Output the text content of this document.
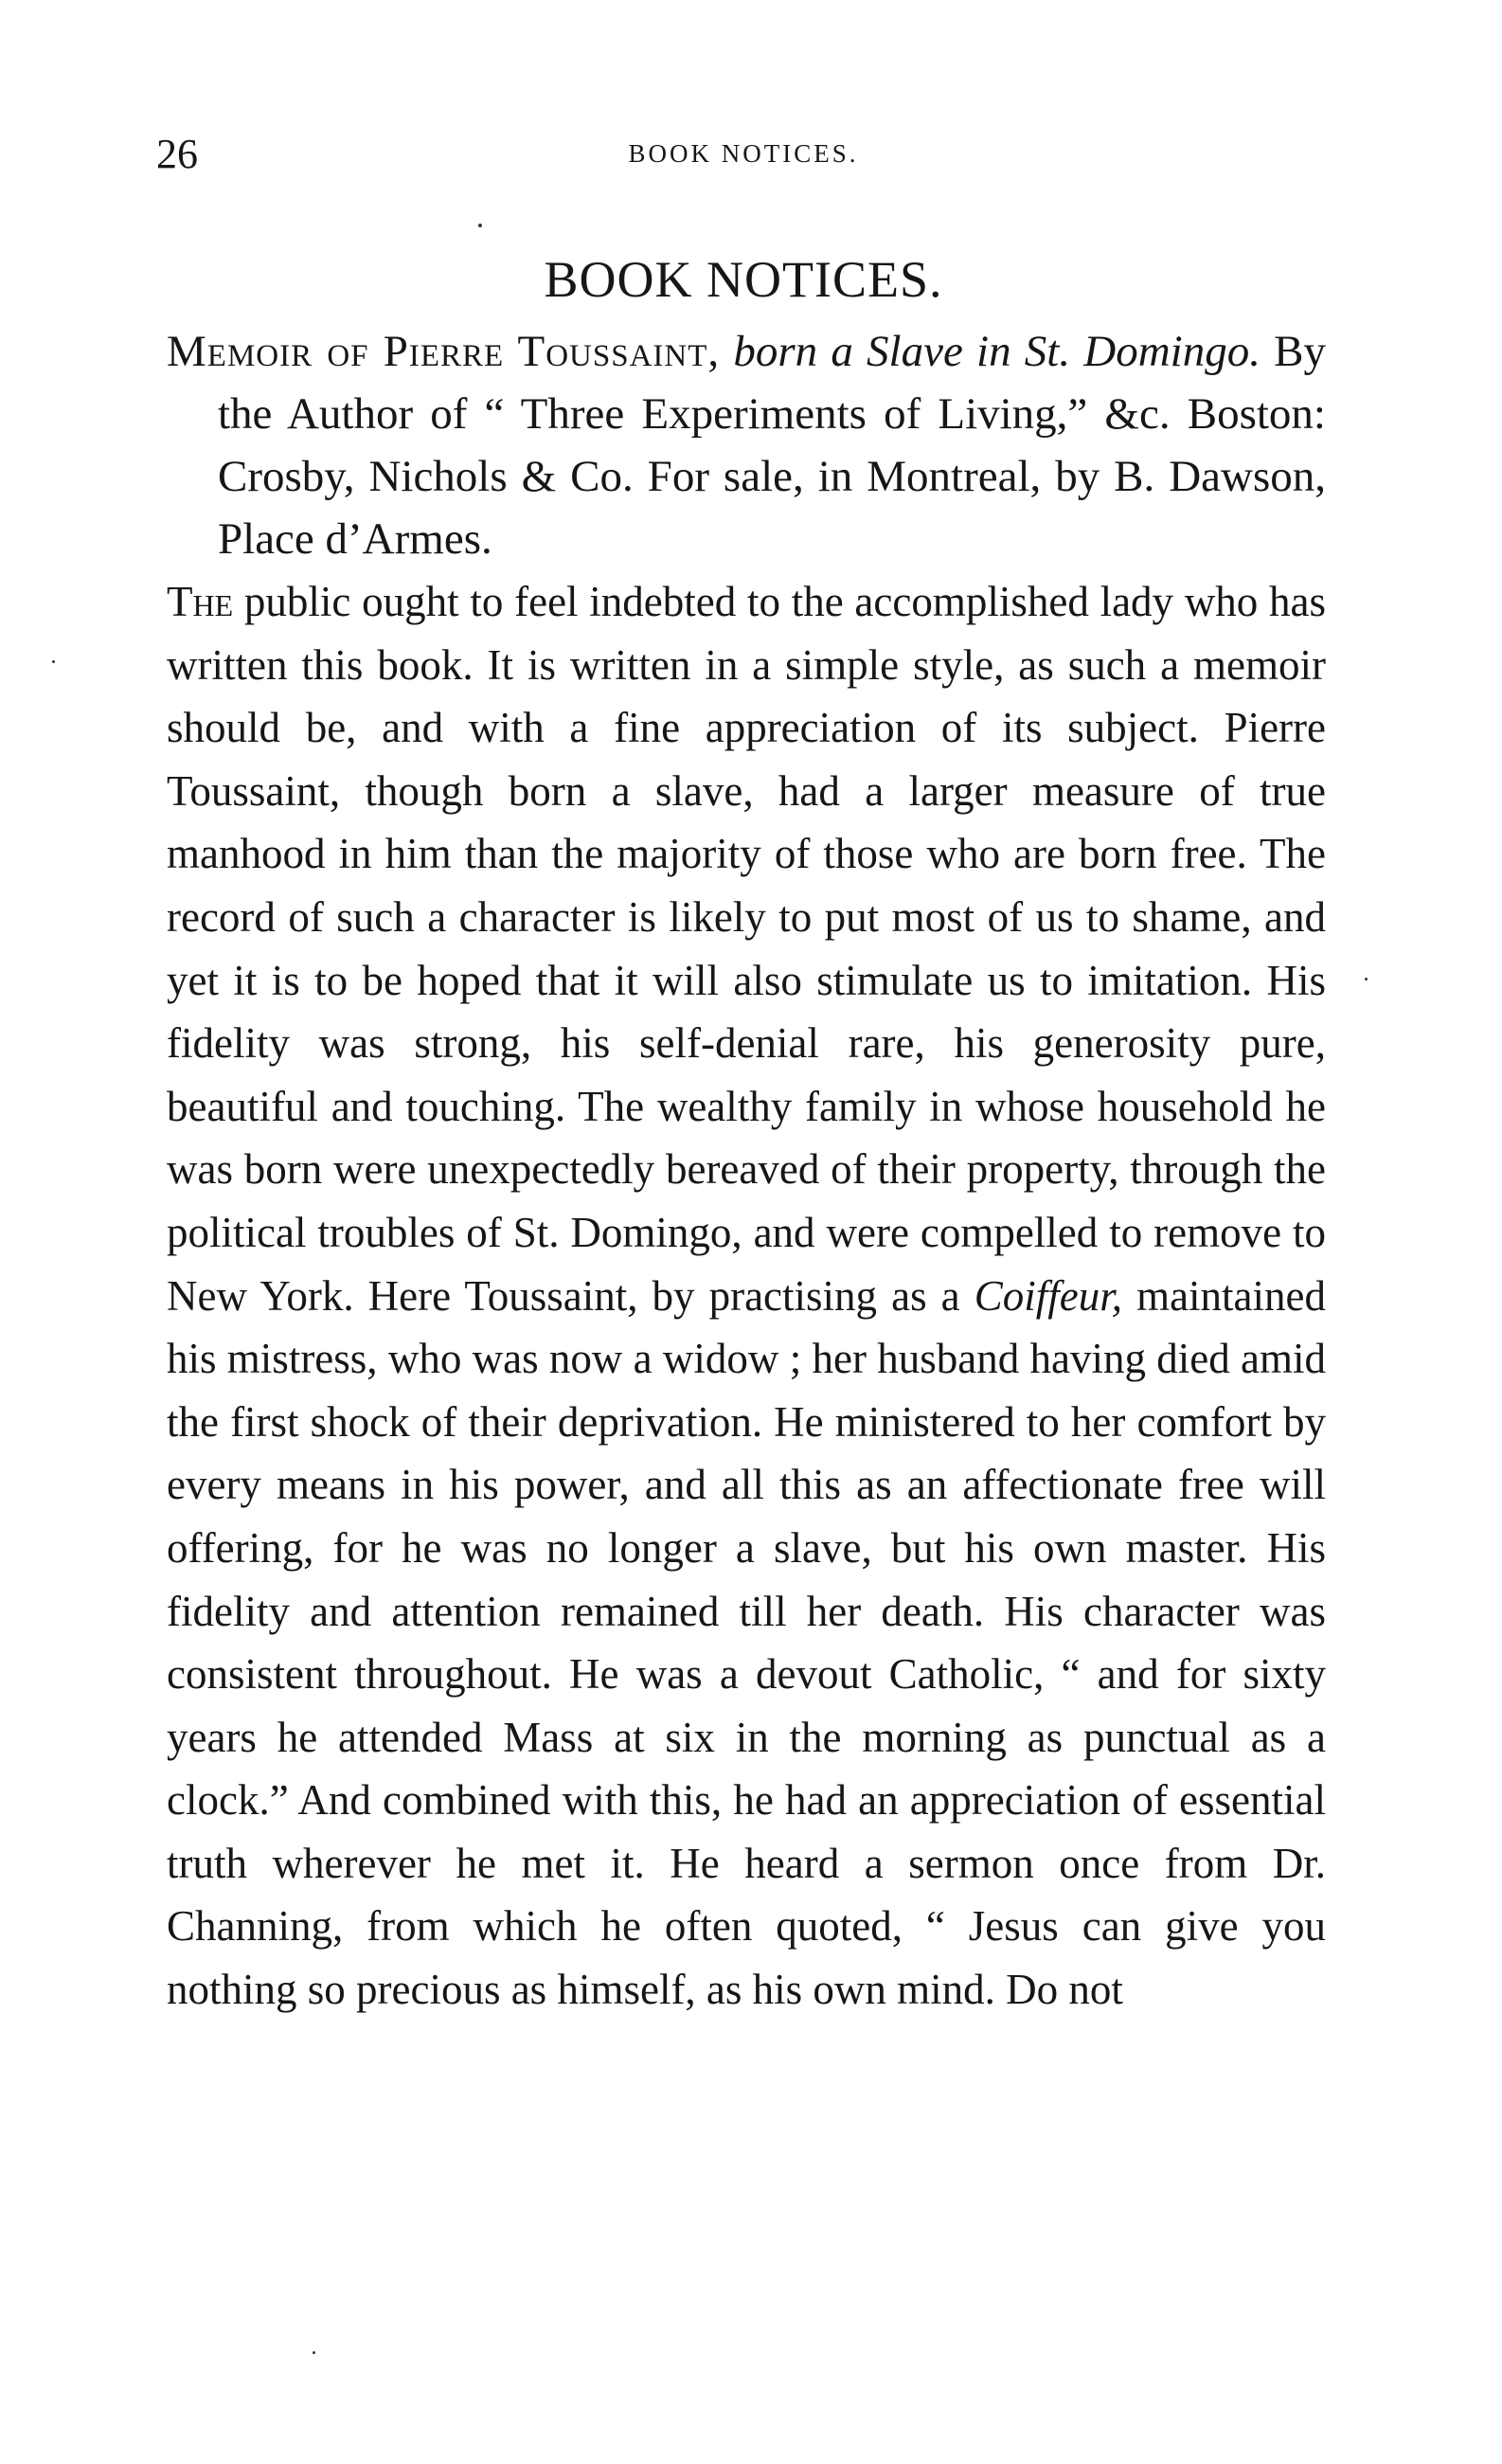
26	BOOK NOTICES.
BOOK NOTICES.
Memoir of Pierre Toussaint, born a Slave in St. Domingo. By the Author of “ Three Experiments of Living,” &c. Boston: Crosby, Nichols & Co. For sale, in Montreal, by B. Dawson, Place d’Armes.
The public ought to feel indebted to the accomplished lady who has written this book. It is written in a simple style, as such a memoir should be, and with a fine appreciation of its subject. Pierre Toussaint, though born a slave, had a larger measure of true manhood in him than the majority of those who are born free. The record of such a character is likely to put most of us to shame, and yet it is to be hoped that it will also stimulate us to imitation. His fidelity was strong, his self-denial rare, his generosity pure, beautiful and touching. The wealthy family in whose household he was born were unexpectedly bereaved of their property, through the political troubles of St. Domingo, and were compelled to remove to New York. Here Toussaint, by practising as a Coiffeur, maintained his mistress, who was now a widow ; her husband having died amid the first shock of their deprivation. He ministered to her comfort by every means in his power, and all this as an affectionate free will offering, for he was no longer a slave, but his own master. His fidelity and attention remained till her death. His character was consistent throughout. He was a devout Catholic, “ and for sixty years he attended Mass at six in the morning as punctual as a clock.” And combined with this, he had an appreciation of essential truth wherever he met it. He heard a sermon once from Dr. Channing, from which he often quoted, “ Jesus can give you nothing so precious as himself, as his own mind. Do not
